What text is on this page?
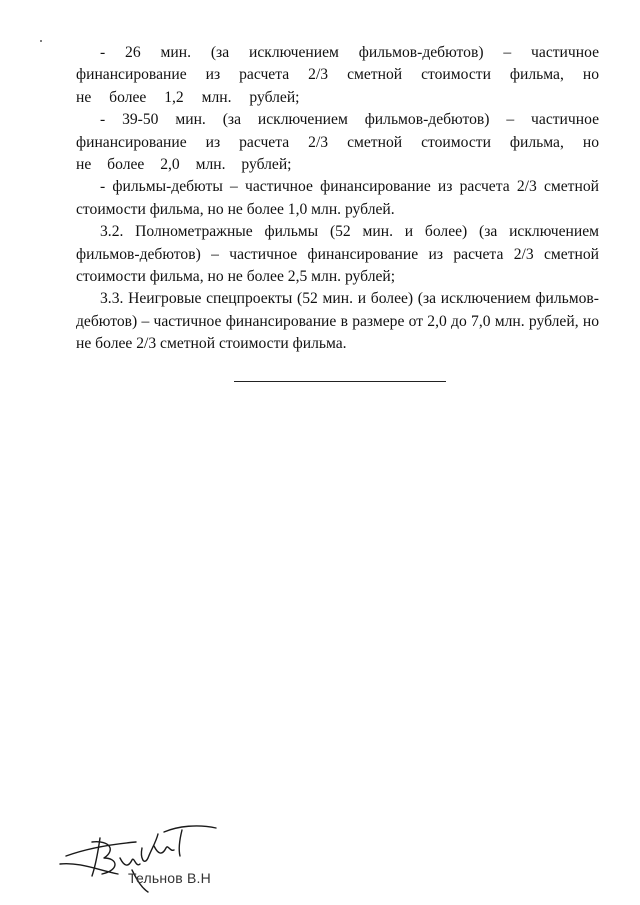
- 26 мин. (за исключением фильмов-дебютов) – частичное финансирование из расчета 2/3 сметной стоимости фильма, но не более 1,2 млн. рублей;

- 39-50 мин. (за исключением фильмов-дебютов) – частичное финансирование из расчета 2/3 сметной стоимости фильма, но не более 2,0 млн. рублей;

- фильмы-дебюты – частичное финансирование из расчета 2/3 сметной стоимости фильма, но не более 1,0 млн. рублей.

3.2. Полнометражные фильмы (52 мин. и более) (за исключением фильмов-дебютов) – частичное финансирование из расчета 2/3 сметной стоимости фильма, но не более 2,5 млн. рублей;

3.3. Неигровые спецпроекты (52 мин. и более) (за исключением фильмов-дебютов) – частичное финансирование в размере от 2,0 до 7,0 млн. рублей, но не более 2/3 сметной стоимости фильма.

Тельнов В.Н
